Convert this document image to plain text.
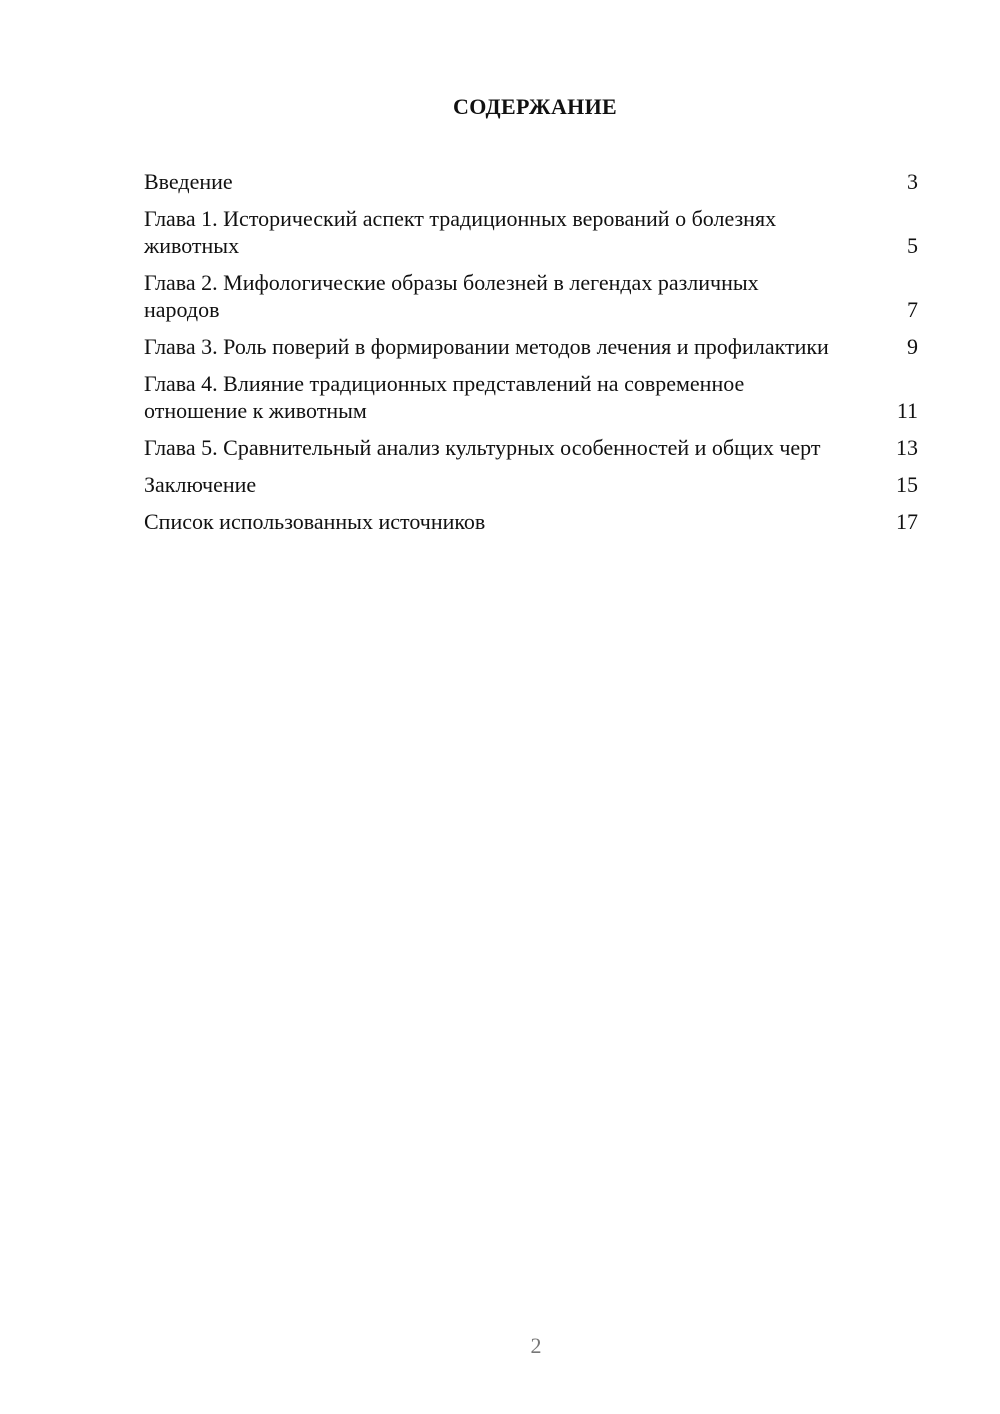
СОДЕРЖАНИЕ
Введение	3
Глава 1. Исторический аспект традиционных верований о болезнях животных	5
Глава 2. Мифологические образы болезней в легендах различных народов	7
Глава 3. Роль поверий в формировании методов лечения и профилактики	9
Глава 4. Влияние традиционных представлений на современное отношение к животным	11
Глава 5. Сравнительный анализ культурных особенностей и общих черт	13
Заключение	15
Список использованных источников	17
2
